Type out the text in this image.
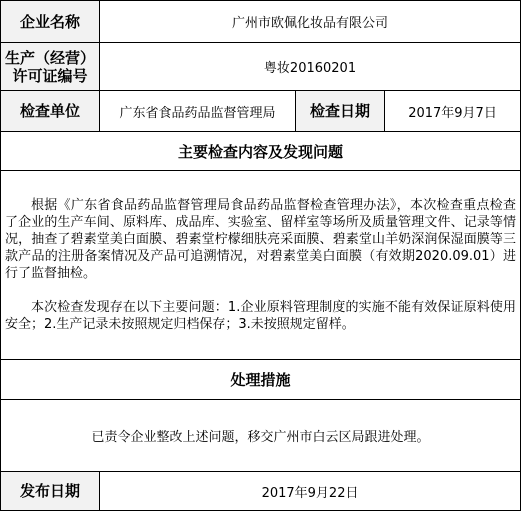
企业名称	广州市欧佩化妆品有限公司		

生产（经营）
许可证编号	粤妆20160201		
检查单位	广东省食品药品监督管理局	检查日期	2017年9月7日
主要检查内容及发现问题			

根据《广东省食品药品监督管理局食品药品监督检查管理办法》，本次检查重点检查了企业的生产车间、原料库、成品库、实验室、留样室等场所及质量管理文件、记录等情况，抽查了碧素堂美白面膜、碧素堂柠檬细肤亮采面膜、碧素堂山羊奶深润保湿面膜等三款产品的注册备案情况及产品可追溯情况，对碧素堂美白面膜（有效期2020.09.01）进行了监督抽检。

本次检查发现存在以下主要问题：1.企业原料管理制度的实施不能有效保证原料使用安全；2.生产记录未按照规定归档保存；3.未按照规定留样。			

处理措施			
已责令企业整改上述问题，移交广州市白云区局跟进处理。			
发布日期	2017年9月22日		
